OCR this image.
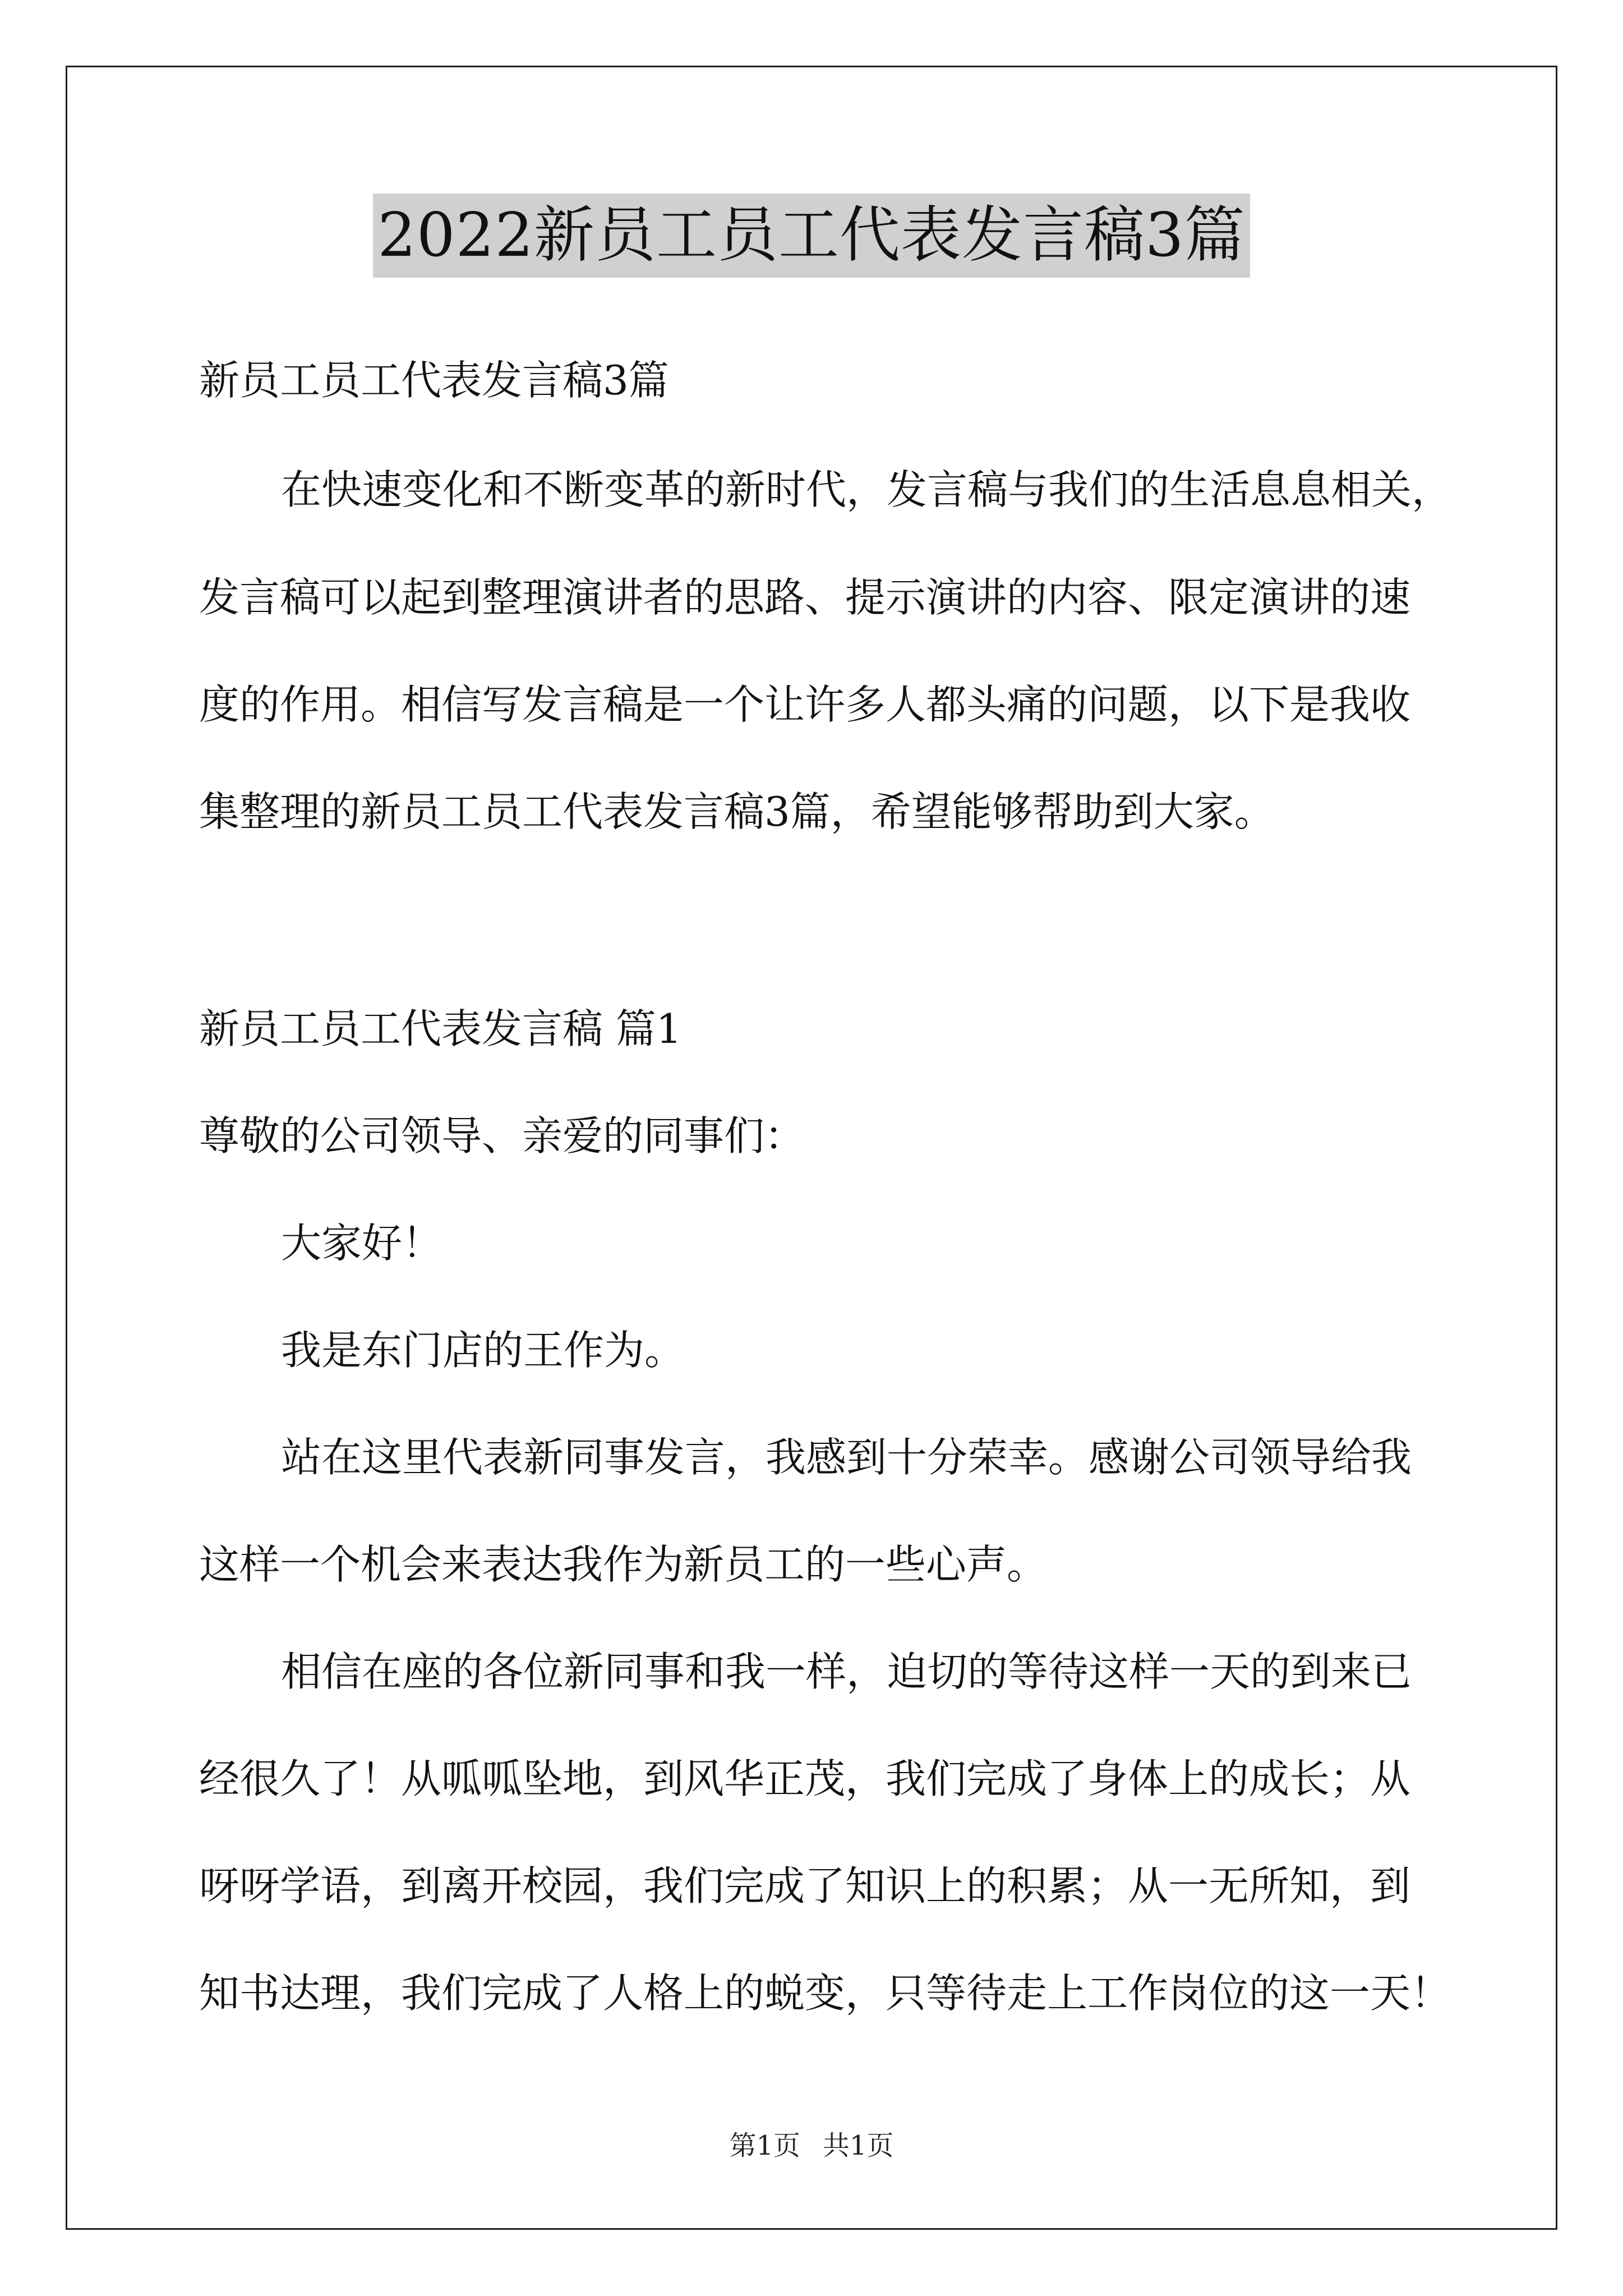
2022新员工员工代表发言稿3篇
新员工员工代表发言稿3篇
在快速变化和不断变革的新时代，发言稿与我们的生活息息相关，
发言稿可以起到整理演讲者的思路、提示演讲的内容、限定演讲的速
度的作用。相信写发言稿是一个让许多人都头痛的问题，以下是我收
集整理的新员工员工代表发言稿3篇，希望能够帮助到大家。
新员工员工代表发言稿 篇1
尊敬的公司领导、亲爱的同事们：
大家好！
我是东门店的王作为。
站在这里代表新同事发言，我感到十分荣幸。感谢公司领导给我
这样一个机会来表达我作为新员工的一些心声。
相信在座的各位新同事和我一样，迫切的等待这样一天的到来已
经很久了！从呱呱坠地，到风华正茂，我们完成了身体上的成长；从
呀呀学语，到离开校园，我们完成了知识上的积累；从一无所知，到
知书达理，我们完成了人格上的蜕变，只等待走上工作岗位的这一天！
第1页 共1页
